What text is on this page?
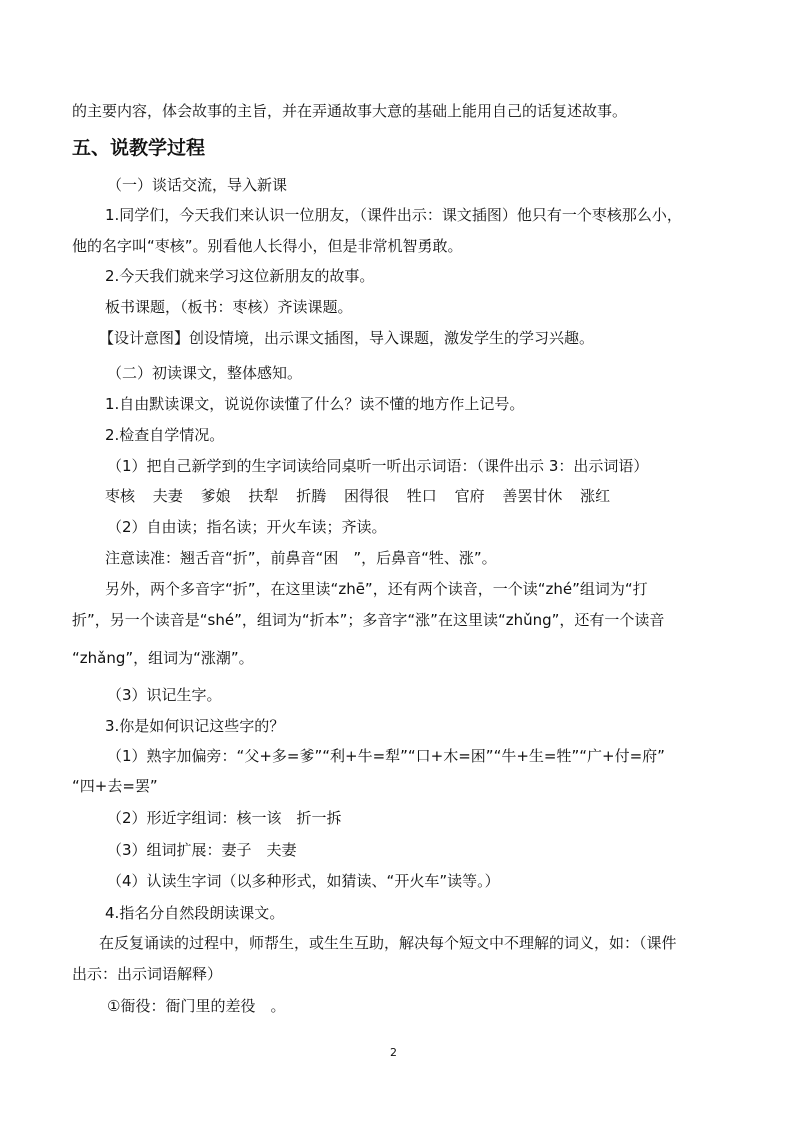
的主要内容，体会故事的主旨，并在弄通故事大意的基础上能用自己的话复述故事。
五、说教学过程
（一）谈话交流，导入新课
1.同学们，今天我们来认识一位朋友，（课件出示：课文插图）他只有一个枣核那么小，
他的名字叫“枣核”。别看他人长得小，但是非常机智勇敢。
2.今天我们就来学习这位新朋友的故事。
板书课题，（板书：枣核）齐读课题。
【设计意图】创设情境，出示课文插图，导入课题，激发学生的学习兴趣。
（二）初读课文，整体感知。
1.自由默读课文，说说你读懂了什么？读不懂的地方作上记号。
2.检查自学情况。
（1）把自己新学到的生字词读给同桌听一听出示词语：（课件出示 3：出示词语）
枣核 夫妻 爹娘 扶犁 折腾 困得很 牲口 官府 善罢甘休 涨红
（2）自由读；指名读；开火车读；齐读。
注意读准：翘舌音“折”，前鼻音“困　”，后鼻音“牲、涨”。
另外，两个多音字“折”，在这里读“zhē”，还有两个读音，一个读“zhé”组词为“打
折”，另一个读音是“shé”，组词为“折本”；多音字“涨”在这里读“zhǔng”，还有一个读音
“zhǎng”，组词为“涨潮”。
（3）识记生字。
3.你是如何识记这些字的？
（1）熟字加偏旁：“父+多=爹”“利+牛=犁”“口+木=困”“牛+生=牲”“广+付=府”
“四+去=罢”
（2）形近字组词：核一该　折一拆
（3）组词扩展：妻子　夫妻
（4）认读生字词（以多种形式，如猜读、“开火车”读等。）
4.指名分自然段朗读课文。
在反复诵读的过程中，师帮生，或生生互助，解决每个短文中不理解的词义，如：（课件
出示：出示词语解释）
①衙役：衙门里的差役　。
2
